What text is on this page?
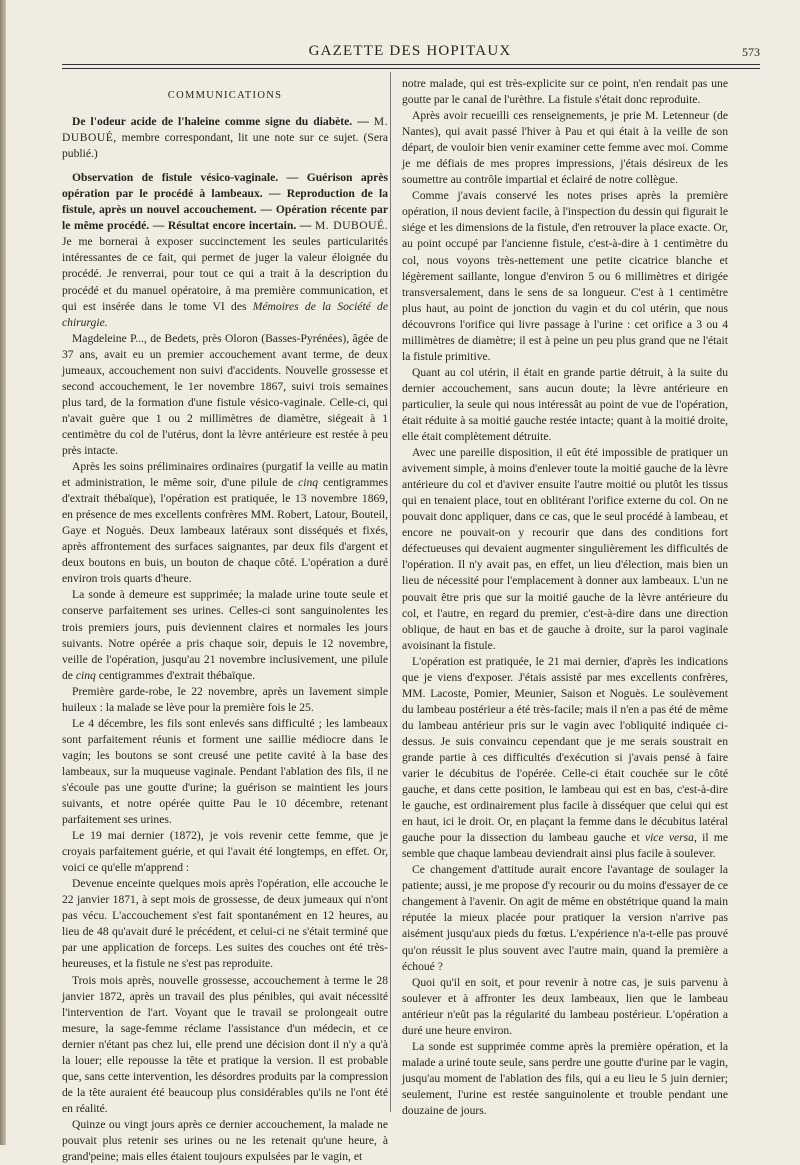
GAZETTE DES HOPITAUX	573
COMMUNICATIONS

De l'odeur acide de l'haleine comme signe du diabète. — M. DUBOUÉ, membre correspondant, lit une note sur ce sujet. (Sera publié.)

Observation de fistule vésico-vaginale. — Guérison après opération par le procédé à lambeaux. — Reproduction de la fistule, après un nouvel accouchement. — Opération récente par le même procédé. — Résultat encore incertain. — M. DUBOUÉ. Je me bornerai à exposer succinctement les seules particularités intéressantes de ce fait, qui permet de juger la valeur éloignée du procédé. Je renverrai, pour tout ce qui a trait à la description du procédé et du manuel opératoire, à ma première communication, et qui est insérée dans le tome VI des Mémoires de la Société de chirurgie.

Magdeleine P..., de Bedets, près Oloron (Basses-Pyrénées), âgée de 37 ans, avait eu un premier accouchement avant terme, de deux jumeaux, accouchement non suivi d'accidents. Nouvelle grossesse et second accouchement, le 1er novembre 1867, suivi trois semaines plus tard, de la formation d'une fistule vésico-vaginale. Celle-ci, qui n'avait guère que 1 ou 2 millimètres de diamètre, siégeait à 1 centimètre du col de l'utérus, dont la lèvre antérieure est restée à peu près intacte.

Après les soins préliminaires ordinaires (purgatif la veille au matin et administration, le même soir, d'une pilule de cinq centigrammes d'extrait thébaïque), l'opération est pratiquée, le 13 novembre 1869, en présence de mes excellents confrères MM. Robert, Latour, Bouteil, Gaye et Noguès. Deux lambeaux latéraux sont disséqués et fixés, après affrontement des surfaces saignantes, par deux fils d'argent et deux boutons en buis, un bouton de chaque côté. L'opération a duré environ trois quarts d'heure.

La sonde à demeure est supprimée; la malade urine toute seule et conserve parfaitement ses urines. Celles-ci sont sanguinolentes les trois premiers jours, puis deviennent claires et normales les jours suivants. Notre opérée a pris chaque soir, depuis le 12 novembre, veille de l'opération, jusqu'au 21 novembre inclusivement, une pilule de cinq centigrammes d'extrait thébaïque.

Première garde-robe, le 22 novembre, après un lavement simple huileux : la malade se lève pour la première fois le 25.

Le 4 décembre, les fils sont enlevés sans difficulté ; les lambeaux sont parfaitement réunis et forment une saillie médiocre dans le vagin; les boutons se sont creusé une petite cavité à la base des lambeaux, sur la muqueuse vaginale. Pendant l'ablation des fils, il ne s'écoule pas une goutte d'urine; la guérison se maintient les jours suivants, et notre opérée quitte Pau le 10 décembre, retenant parfaitement ses urines.

Le 19 mai dernier (1872), je vois revenir cette femme, que je croyais parfaitement guérie, et qui l'avait été longtemps, en effet. Or, voici ce qu'elle m'apprend :

Devenue enceinte quelques mois après l'opération, elle accouche le 22 janvier 1871, à sept mois de grossesse, de deux jumeaux qui n'ont pas vécu. L'accouchement s'est fait spontanément en 12 heures, au lieu de 48 qu'avait duré le précédent, et celui-ci ne s'était terminé que par une application de forceps. Les suites des couches ont été très-heureuses, et la fistule ne s'est pas reproduite.

Trois mois après, nouvelle grossesse, accouchement à terme le 28 janvier 1872, après un travail des plus pénibles, qui avait nécessité l'intervention de l'art. Voyant que le travail se prolongeait outre mesure, la sage-femme réclame l'assistance d'un médecin, et ce dernier n'étant pas chez lui, elle prend une décision dont il n'y a qu'à la louer; elle repousse la tête et pratique la version. Il est probable que, sans cette intervention, les désordres produits par la compression de la tête auraient été beaucoup plus considérables qu'ils ne l'ont été en réalité.

Quinze ou vingt jours après ce dernier accouchement, la malade ne pouvait plus retenir ses urines ou ne les retenait qu'une heure, à grand'peine; mais elles étaient toujours expulsées par le vagin, et

notre malade, qui est très-explicite sur ce point, n'en rendait pas une goutte par le canal de l'urèthre. La fistule s'était donc reproduite.

Après avoir recueilli ces renseignements, je prie M. Letenneur (de Nantes), qui avait passé l'hiver à Pau et qui était à la veille de son départ, de vouloir bien venir examiner cette femme avec moi. Comme je me défiais de mes propres impressions, j'étais désireux de les soumettre au contrôle impartial et éclairé de notre collègue.

Comme j'avais conservé les notes prises après la première opération, il nous devient facile, à l'inspection du dessin qui figurait le siége et les dimensions de la fistule, d'en retrouver la place exacte. Or, au point occupé par l'ancienne fistule, c'est-à-dire à 1 centimètre du col, nous voyons très-nettement une petite cicatrice blanche et légèrement saillante, longue d'environ 5 ou 6 millimètres et dirigée transversalement, dans le sens de sa longueur. C'est à 1 centimètre plus haut, au point de jonction du vagin et du col utérin, que nous découvrons l'orifice qui livre passage à l'urine : cet orifice a 3 ou 4 millimètres de diamètre; il est à peine un peu plus grand que ne l'était la fistule primitive.

Quant au col utérin, il était en grande partie détruit, à la suite du dernier accouchement, sans aucun doute; la lèvre antérieure en particulier, la seule qui nous intéressât au point de vue de l'opération, était réduite à sa moitié gauche restée intacte; quant à la moitié droite, elle était complètement détruite.

Avec une pareille disposition, il eût été impossible de pratiquer un avivement simple, à moins d'enlever toute la moitié gauche de la lèvre antérieure du col et d'aviver ensuite l'autre moitié ou plutôt les tissus qui en tenaient place, tout en oblitérant l'orifice externe du col. On ne pouvait donc appliquer, dans ce cas, que le seul procédé à lambeau, et encore ne pouvait-on y recourir que dans des conditions fort défectueuses qui devaient augmenter singulièrement les difficultés de l'opération. Il n'y avait pas, en effet, un lieu d'élection, mais bien un lieu de nécessité pour l'emplacement à donner aux lambeaux. L'un ne pouvait être pris que sur la moitié gauche de la lèvre antérieure du col, et l'autre, en regard du premier, c'est-à-dire dans une direction oblique, de haut en bas et de gauche à droite, sur la paroi vaginale avoisinant la fistule.

L'opération est pratiquée, le 21 mai dernier, d'après les indications que je viens d'exposer. J'étais assisté par mes excellents confrères, MM. Lacoste, Pomier, Meunier, Saison et Noguès. Le soulèvement du lambeau postérieur a été très-facile; mais il n'en a pas été de même du lambeau antérieur pris sur le vagin avec l'obliquité indiquée ci-dessus. Je suis convaincu cependant que je me serais soustrait en grande partie à ces difficultés d'exécution si j'avais pensé à faire varier le décubitus de l'opérée. Celle-ci était couchée sur le côté gauche, et dans cette position, le lambeau qui est en bas, c'est-à-dire le gauche, est ordinairement plus facile à disséquer que celui qui est en haut, ici le droit. Or, en plaçant la femme dans le décubitus latéral gauche pour la dissection du lambeau gauche et vice versa, il me semble que chaque lambeau deviendrait ainsi plus facile à soulever.

Ce changement d'attitude aurait encore l'avantage de soulager la patiente; aussi, je me propose d'y recourir ou du moins d'essayer de ce changement à l'avenir. On agit de même en obstétrique quand la main réputée la mieux placée pour pratiquer la version n'arrive pas aisément jusqu'aux pieds du fœtus. L'expérience n'a-t-elle pas prouvé qu'on réussit le plus souvent avec l'autre main, quand la première a échoué ?

Quoi qu'il en soit, et pour revenir à notre cas, je suis parvenu à soulever et à affronter les deux lambeaux, lien que le lambeau antérieur n'eût pas la régularité du lambeau postérieur. L'opération a duré une heure environ.

La sonde est supprimée comme après la première opération, et la malade a uriné toute seule, sans perdre une goutte d'urine par le vagin, jusqu'au moment de l'ablation des fils, qui a eu lieu le 5 juin dernier; seulement, l'urine est restée sanguinolente et trouble pendant une douzaine de jours.
